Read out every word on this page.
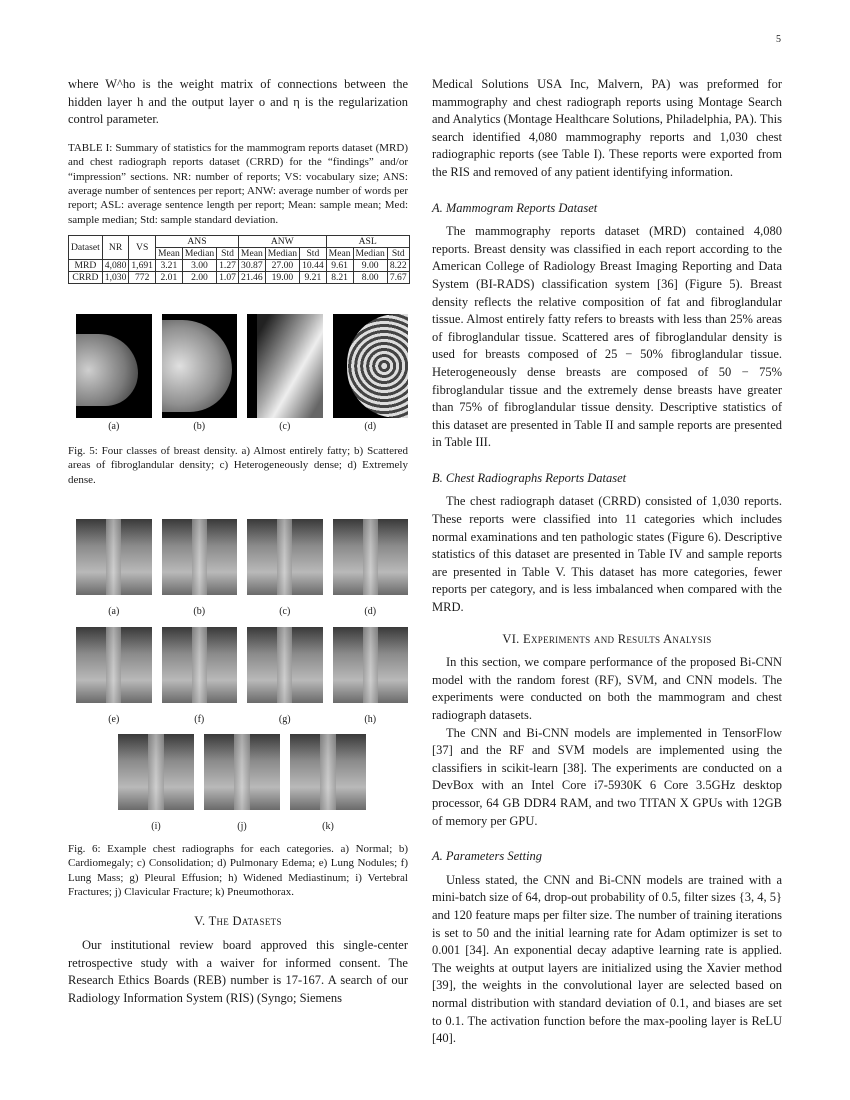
5

where W^ho is the weight matrix of connections between the hidden layer h and the output layer o and η is the regularization control parameter.

TABLE I: Summary of statistics for the mammogram reports dataset (MRD) and chest radiograph reports dataset (CRRD) for the “findings” and/or “impression” sections. NR: number of reports; VS: vocabulary size; ANS: average number of sentences per report; ANW: average number of words per report; ASL: average sentence length per report; Mean: sample mean; Med: sample median; Std: sample standard deviation.

Dataset	NR	VS	ANS			ANW			ASL		
			Mean	Median	Std	Mean	Median	Std	Mean	Median	Std
MRD	4,080	1,691	3.21	3.00	1.27	30.87	27.00	10.44	9.61	9.00	8.22
CRRD	1,030	772	2.01	2.00	1.07	21.46	19.00	9.21	8.21	8.00	7.67
(a)	(b)	(c)	(d)

Fig. 5: Four classes of breast density. a) Almost entirely fatty; b) Scattered areas of fibroglandular density; c) Heterogeneously dense; d) Extremely dense.

(a)	(b)	(c)	(d)
(e)	(f)	(g)	(h)
(i)	(j)	(k)

Fig. 6: Example chest radiographs for each categories. a) Normal; b) Cardiomegaly; c) Consolidation; d) Pulmonary Edema; e) Lung Nodules; f) Lung Mass; g) Pleural Effusion; h) Widened Mediastinum; i) Vertebral Fractures; j) Clavicular Fracture; k) Pneumothorax.

V. The Datasets

Our institutional review board approved this single-center retrospective study with a waiver for informed consent. The Research Ethics Boards (REB) number is 17-167. A search of our Radiology Information System (RIS) (Syngo; Siemens

Medical Solutions USA Inc, Malvern, PA) was preformed for mammography and chest radiograph reports using Montage Search and Analytics (Montage Healthcare Solutions, Philadelphia, PA). This search identified 4,080 mammography reports and 1,030 chest radiographic reports (see Table I). These reports were exported from the RIS and removed of any patient identifying information.

A. Mammogram Reports Dataset

The mammography reports dataset (MRD) contained 4,080 reports. Breast density was classified in each report according to the American College of Radiology Breast Imaging Reporting and Data System (BI-RADS) classification system [36] (Figure 5). Breast density reflects the relative composition of fat and fibroglandular tissue. Almost entirely fatty refers to breasts with less than 25% areas of fibroglandular tissue. Scattered ares of fibroglandular density is used for breasts composed of 25 − 50% fibroglandular tissue. Heterogeneously dense breasts are composed of 50 − 75% fibroglandular tissue and the extremely dense breasts have greater than 75% of fibroglandular tissue density. Descriptive statistics of this dataset are presented in Table II and sample reports are presented in Table III.

B. Chest Radiographs Reports Dataset

The chest radiograph dataset (CRRD) consisted of 1,030 reports. These reports were classified into 11 categories which includes normal examinations and ten pathologic states (Figure 6). Descriptive statistics of this dataset are presented in Table IV and sample reports are presented in Table V. This dataset has more categories, fewer reports per category, and is less imbalanced when compared with the MRD.

VI. Experiments and Results Analysis

In this section, we compare performance of the proposed Bi-CNN model with the random forest (RF), SVM, and CNN models. The experiments were conducted on both the mammogram and chest radiograph datasets.

The CNN and Bi-CNN models are implemented in TensorFlow [37] and the RF and SVM models are implemented using the classifiers in scikit-learn [38]. The experiments are conducted on a DevBox with an Intel Core i7-5930K 6 Core 3.5GHz desktop processor, 64 GB DDR4 RAM, and two TITAN X GPUs with 12GB of memory per GPU.

A. Parameters Setting

Unless stated, the CNN and Bi-CNN models are trained with a mini-batch size of 64, drop-out probability of 0.5, filter sizes {3, 4, 5} and 120 feature maps per filter size. The number of training iterations is set to 50 and the initial learning rate for Adam optimizer is set to 0.001 [34]. An exponential decay adaptive learning rate is applied. The weights at output layers are initialized using the Xavier method [39], the weights in the convolutional layer are selected based on normal distribution with standard deviation of 0.1, and biases are set to 0.1. The activation function before the max-pooling layer is ReLU [40].
